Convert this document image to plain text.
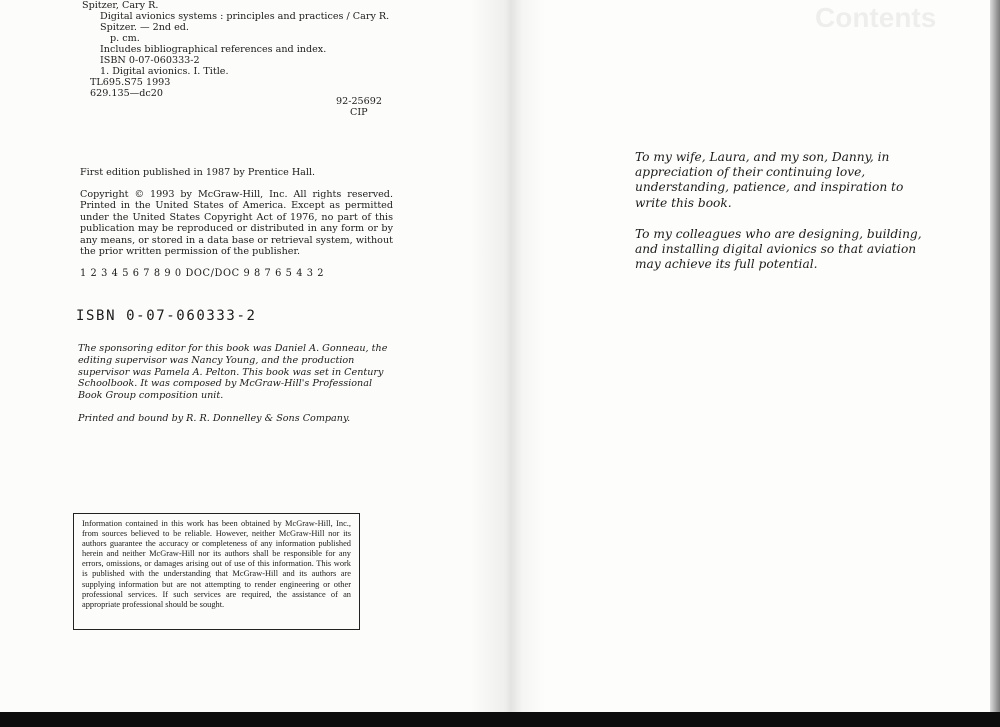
Contents
Spitzer, Cary R.
Digital avionics systems : principles and practices / Cary R.
Spitzer. — 2nd ed.
p. cm.
Includes bibliographical references and index.
ISBN 0-07-060333-2
1. Digital avionics. I. Title.
TL695.S75 1993
629.135—dc20
92-25692
CIP
First edition published in 1987 by Prentice Hall.
Copyright © 1993 by McGraw-Hill, Inc. All rights reserved. Printed in the United States of America. Except as permitted under the United States Copyright Act of 1976, no part of this publication may be reproduced or distributed in any form or by any means, or stored in a data base or retrieval system, without the prior written permission of the publisher.
1 2 3 4 5 6 7 8 9 0 DOC/DOC 9 8 7 6 5 4 3 2
ISBN 0-07-060333-2
The sponsoring editor for this book was Daniel A. Gonneau, the editing supervisor was Nancy Young, and the production supervisor was Pamela A. Pelton. This book was set in Century Schoolbook. It was composed by McGraw-Hill's Professional Book Group composition unit.
Printed and bound by R. R. Donnelley & Sons Company.
Information contained in this work has been obtained by McGraw-Hill, Inc., from sources believed to be reliable. However, neither McGraw-Hill nor its authors guarantee the accuracy or completeness of any information published herein and neither McGraw-Hill nor its authors shall be responsible for any errors, omissions, or damages arising out of use of this information. This work is published with the understanding that McGraw-Hill and its authors are supplying information but are not attempting to render engineering or other professional services. If such services are required, the assistance of an appropriate professional should be sought.
To my wife, Laura, and my son, Danny, in appreciation of their continuing love, understanding, patience, and inspiration to write this book.
To my colleagues who are designing, building, and installing digital avionics so that aviation may achieve its full potential.
